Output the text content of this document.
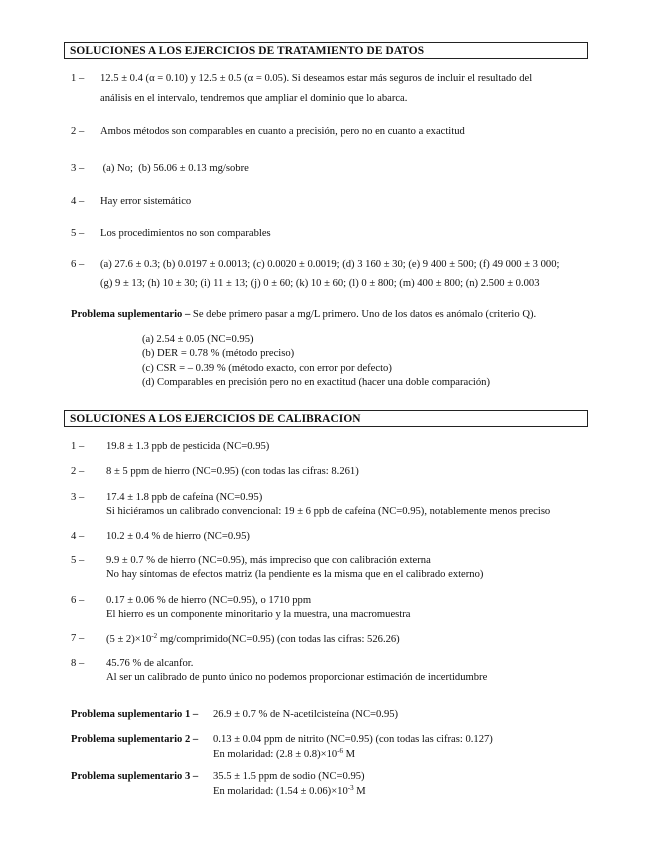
SOLUCIONES A LOS EJERCICIOS DE TRATAMIENTO DE DATOS
1 – 12.5 ± 0.4 (α = 0.10) y 12.5 ± 0.5 (α = 0.05). Si deseamos estar más seguros de incluir el resultado del
análisis en el intervalo, tendremos que ampliar el dominio que lo abarca.
2 – Ambos métodos son comparables en cuanto a precisión, pero no en cuanto a exactitud
3 – (a) No;  (b) 56.06 ± 0.13 mg/sobre
4 – Hay error sistemático
5 – Los procedimientos no son comparables
6 – (a) 27.6 ± 0.3; (b) 0.0197 ± 0.0013; (c) 0.0020 ± 0.0019; (d) 3 160 ± 30; (e) 9 400 ± 500; (f) 49 000 ± 3 000;
(g) 9 ± 13; (h) 10 ± 30; (i) 11 ± 13; (j) 0 ± 60; (k) 10 ± 60; (l) 0 ± 800; (m) 400 ± 800; (n) 2.500 ± 0.003
Problema suplementario – Se debe primero pasar a mg/L primero. Uno de los datos es anómalo (criterio Q).
(a) 2.54 ± 0.05 (NC=0.95)
(b) DER = 0.78 % (método preciso)
(c) CSR = – 0.39 % (método exacto, con error por defecto)
(d) Comparables en precisión pero no en exactitud (hacer una doble comparación)
SOLUCIONES A LOS EJERCICIOS DE CALIBRACION
1 – 19.8 ± 1.3 ppb de pesticida (NC=0.95)
2 – 8 ± 5 ppm de hierro (NC=0.95) (con todas las cifras: 8.261)
3 – 17.4 ± 1.8 ppb de cafeína (NC=0.95)
Si hiciéramos un calibrado convencional: 19 ± 6 ppb de cafeína (NC=0.95), notablemente menos preciso
4 – 10.2 ± 0.4 % de hierro (NC=0.95)
5 – 9.9 ± 0.7 % de hierro (NC=0.95), más impreciso que con calibración externa
No hay síntomas de efectos matriz (la pendiente es la misma que en el calibrado externo)
6 – 0.17 ± 0.06 % de hierro (NC=0.95), o 1710 ppm
El hierro es un componente minoritario y la muestra, una macromuestra
$7 - (5 \pm 2)\times 10^{-2}$ mg/comprimido(NC=0.95) (con todas las cifras: 526.26)
8 – 45.76 % de alcanfor.
Al ser un calibrado de punto único no podemos proporcionar estimación de incertidumbre
Problema suplementario 1 – 26.9 ± 0.7 % de N-acetilcisteína (NC=0.95)
Problema suplementario 2 – 0.13 ± 0.04 ppm de nitrito (NC=0.95) (con todas las cifras: 0.127)
En molaridad: $(2.8 \pm 0.8)\times 10^{-6}$ M
Problema suplementario 3 – 35.5 ± 1.5 ppm de sodio (NC=0.95)
En molaridad: $(1.54 \pm 0.06)\times 10^{-3}$ M
